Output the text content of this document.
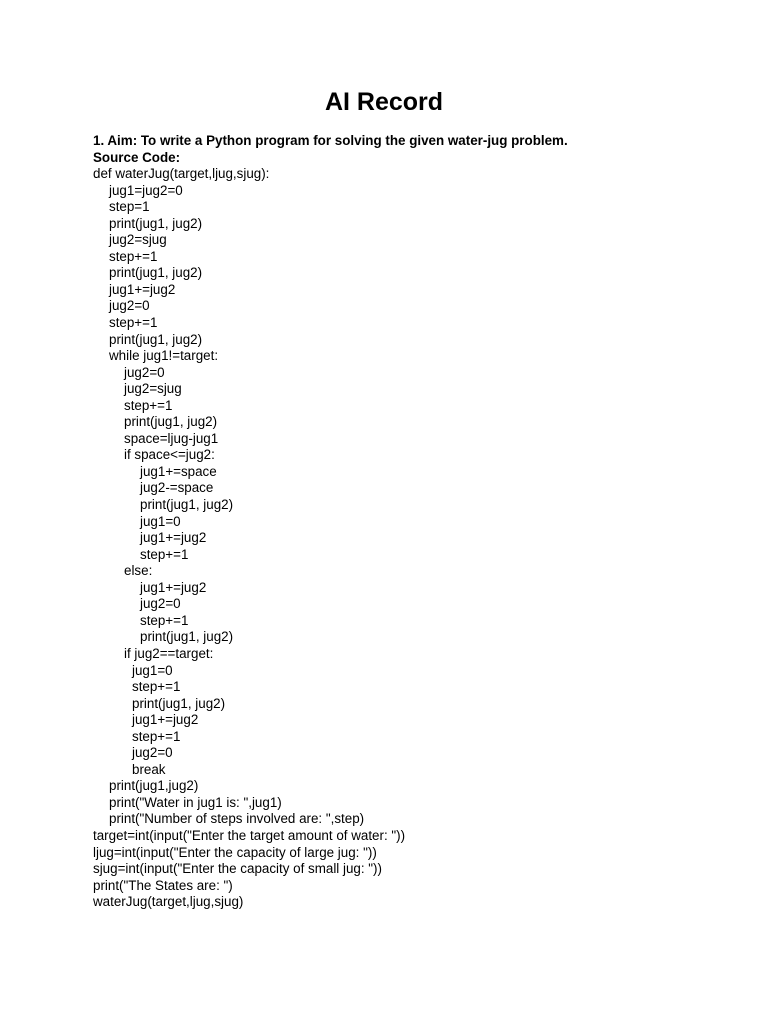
AI Record
1. Aim: To write a Python program for solving the given water-jug problem.
Source Code:
def waterJug(target,ljug,sjug):
jug1=jug2=0
step=1
print(jug1, jug2)
jug2=sjug
step+=1
print(jug1, jug2)
jug1+=jug2
jug2=0
step+=1
print(jug1, jug2)
while jug1!=target:
jug2=0
jug2=sjug
step+=1
print(jug1, jug2)
space=ljug-jug1
if space<=jug2:
jug1+=space
jug2-=space
print(jug1, jug2)
jug1=0
jug1+=jug2
step+=1
else:
jug1+=jug2
jug2=0
step+=1
print(jug1, jug2)
if jug2==target:
jug1=0
step+=1
print(jug1, jug2)
jug1+=jug2
step+=1
jug2=0
break
print(jug1,jug2)
print("Water in jug1 is: ",jug1)
print("Number of steps involved are: ",step)
target=int(input("Enter the target amount of water: "))
ljug=int(input("Enter the capacity of large jug: "))
sjug=int(input("Enter the capacity of small jug: "))
print("The States are: ")
waterJug(target,ljug,sjug)
